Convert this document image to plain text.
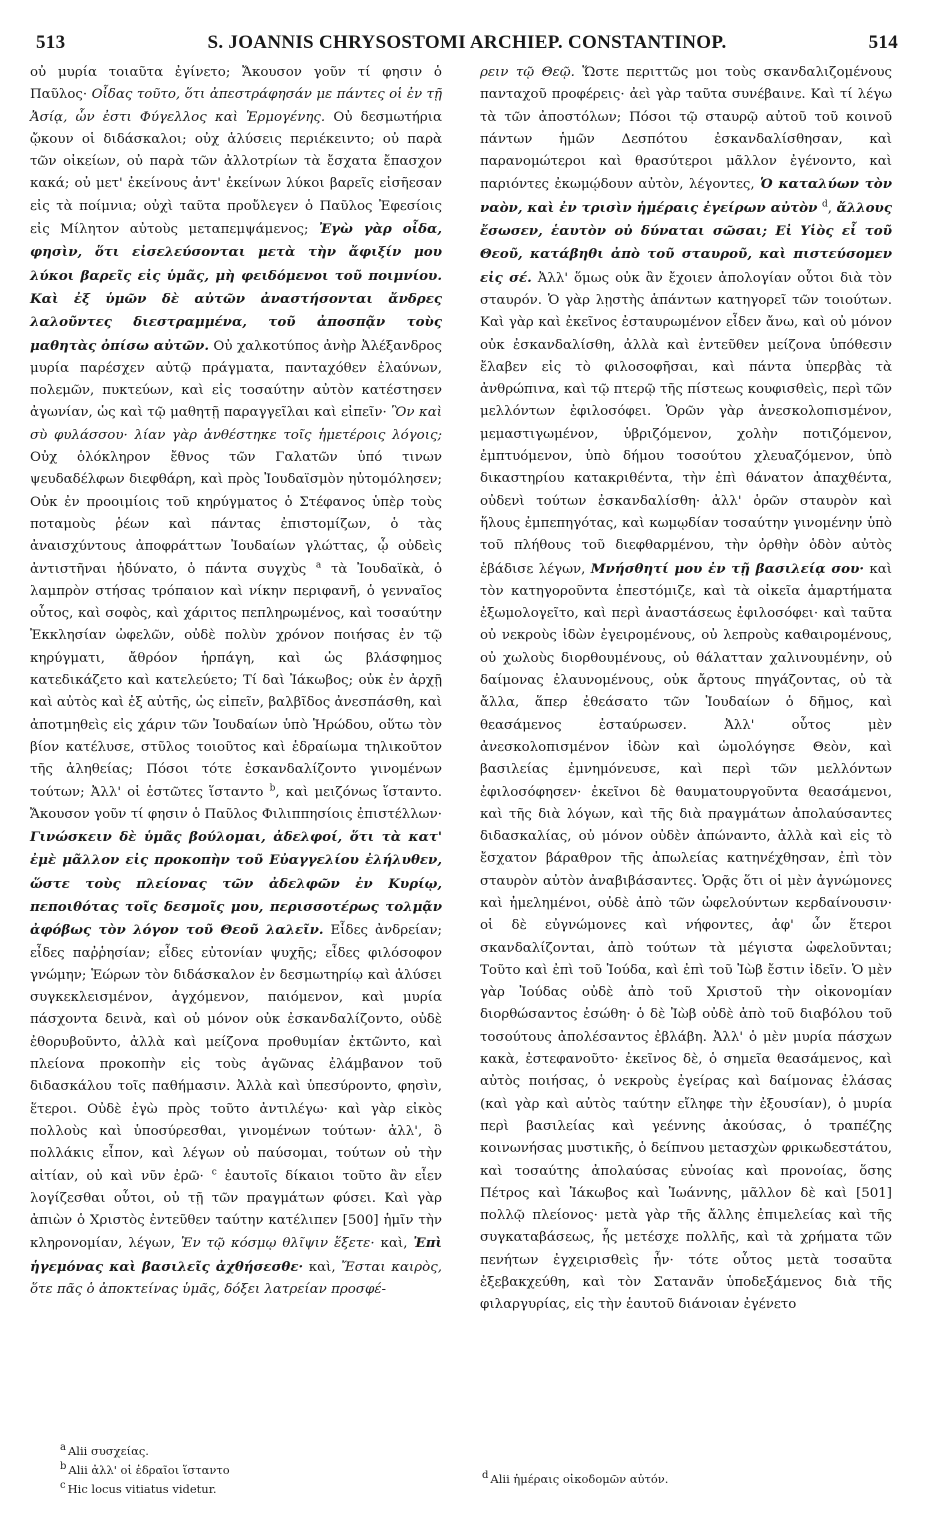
513	S. JOANNIS CHRYSOSTOMI ARCHIEP. CONSTANTINOP.	514

οὐ μυρία τοιαῦτα ἐγίνετο; Ἄκουσον γοῦν τί φησιν ὁ Παῦλος· Οἶδας τοῦτο, ὅτι ἀπεστράφησάν με πάντες οἱ ἐν τῇ Ἀσίᾳ, ὧν ἐστι Φύγελλος καὶ Ἑρμογένης. Οὐ δεσμωτήρια ᾤκουν οἱ διδάσκαλοι; οὐχ ἁλύσεις περιέκειντο; οὐ παρὰ τῶν οἰκείων, οὐ παρὰ τῶν ἀλλοτρίων τὰ ἔσχατα ἔπασχον κακά; οὐ μετ' ἐκείνους ἀντ' ἐκείνων λύκοι βαρεῖς εἰσῆεσαν εἰς τὰ ποίμνια; οὐχὶ ταῦτα προὔλεγεν ὁ Παῦλος Ἐφεσίοις εἰς Μίλητον αὐτοὺς μεταπεμψάμενος; Ἐγὼ γὰρ οἶδα, φησὶν, ὅτι εἰσελεύσονται μετὰ τὴν ἄφιξίν μου λύκοι βαρεῖς εἰς ὑμᾶς, μὴ φειδόμενοι τοῦ ποιμνίου. Καὶ ἐξ ὑμῶν δὲ αὐτῶν ἀναστήσονται ἄνδρες λαλοῦντες διεστραμμένα, τοῦ ἀποσπᾷν τοὺς μαθητὰς ὀπίσω αὐτῶν. Οὐ χαλκοτύπος ἀνὴρ Ἀλέξανδρος μυρία παρέσχεν αὐτῷ πράγματα, πανταχόθεν ἐλαύνων, πολεμῶν, πυκτεύων, καὶ εἰς τοσαύτην αὐτὸν κατέστησεν ἀγωνίαν, ὡς καὶ τῷ μαθητῇ παραγγεῖλαι καὶ εἰπεῖν· Ὃν καὶ σὺ φυλάσσου· λίαν γὰρ ἀνθέστηκε τοῖς ἡμετέροις λόγοις; Οὐχ ὁλόκληρον ἔθνος τῶν Γαλατῶν ὑπό τινων ψευδαδέλφων διεφθάρη, καὶ πρὸς Ἰουδαϊσμὸν ηὐτομόλησεν; Οὐκ ἐν προοιμίοις τοῦ κηρύγματος ὁ Στέφανος ὑπὲρ τοὺς ποταμοὺς ῥέων καὶ πάντας ἐπιστομίζων, ὁ τὰς ἀναισχύντους ἀποφράττων Ἰουδαίων γλώττας, ᾧ οὐδεὶς ἀντιστῆναι ἠδύνατο, ὁ πάντα συγχὺς $^a$ τὰ Ἰουδαϊκὰ, ὁ λαμπρὸν στήσας τρόπαιον καὶ νίκην περιφανῆ, ὁ γενναῖος οὗτος, καὶ σοφὸς, καὶ χάριτος πεπληρωμένος, καὶ τοσαύτην Ἐκκλησίαν ὠφελῶν, οὐδὲ πολὺν χρόνον ποιήσας ἐν τῷ κηρύγματι, ἄθρόον ἡρπάγη, καὶ ὡς βλάσφημος κατεδικάζετο καὶ κατελεύετο; Τί δαὶ Ἰάκωβος; οὐκ ἐν ἀρχῇ καὶ αὐτὸς καὶ ἐξ αὐτῆς, ὡς εἰπεῖν, βαλβῖδος ἀνεσπάσθη, καὶ ἀποτμηθεὶς εἰς χάριν τῶν Ἰουδαίων ὑπὸ Ἡρώδου, οὕτω τὸν βίον κατέλυσε, στῦλος τοιοῦτος καὶ ἑδραίωμα τηλικοῦτον τῆς ἀληθείας; Πόσοι τότε ἐσκανδαλίζοντο γινομένων τούτων; Ἀλλ' οἱ ἑστῶτες ἵσταντο $^b$, καὶ μειζόνως ἵσταντο. Ἄκουσον γοῦν τί φησιν ὁ Παῦλος Φιλιππησίοις ἐπιστέλλων· Γινώσκειν δὲ ὑμᾶς βούλομαι, ἀδελφοί, ὅτι τὰ κατ' ἐμὲ μᾶλλον εἰς προκοπὴν τοῦ Εὐαγγελίου ἐλήλυθεν, ὥστε τοὺς πλείονας τῶν ἀδελφῶν ἐν Κυρίῳ, πεποιθότας τοῖς δεσμοῖς μου, περισσοτέρως τολμᾷν ἀφόβως τὸν λόγον τοῦ Θεοῦ λαλεῖν. Εἶδες ἀνδρείαν; εἶδες παῤῥησίαν; εἶδες εὐτονίαν ψυχῆς; εἶδες φιλόσοφον γνώμην; Ἑώρων τὸν διδάσκαλον ἐν δεσμωτηρίῳ καὶ ἁλύσει συγκεκλεισμένον, ἀγχόμενον, παιόμενον, καὶ μυρία πάσχοντα δεινὰ, καὶ οὐ μόνον οὐκ ἐσκανδαλίζοντο, οὐδὲ ἐθορυβοῦντο, ἀλλὰ καὶ μείζονα προθυμίαν ἐκτῶντο, καὶ πλείονα προκοπὴν εἰς τοὺς ἀγῶνας ἐλάμβανον τοῦ διδασκάλου τοῖς παθήμασιν. Ἀλλὰ καὶ ὑπεσύροντο, φησὶν, ἕτεροι. Οὐδὲ ἐγὼ πρὸς τοῦτο ἀντιλέγω· καὶ γὰρ εἰκὸς πολλοὺς καὶ ὑποσύρεσθαι, γινομένων τούτων· ἀλλ', ὃ πολλάκις εἶπον, καὶ λέγων οὐ παύσομαι, τούτων οὐ τὴν αἰτίαν, οὐ καὶ νῦν ἐρῶ· $^c$ ἑαυτοῖς δίκαιοι τοῦτο ἂν εἶεν λογίζεσθαι οὗτοι, οὐ τῇ τῶν πραγμάτων φύσει. Καὶ γὰρ ἀπιὼν ὁ Χριστὸς ἐντεῦθεν ταύτην κατέλιπεν [500] ἡμῖν τὴν κληρονομίαν, λέγων, Ἐν τῷ κόσμῳ θλῖψιν ἕξετε· καὶ, Ἐπὶ ἡγεμόνας καὶ βασιλεῖς ἀχθήσεσθε· καὶ, Ἔσται καιρὸς, ὅτε πᾶς ὁ ἀποκτείνας ὑμᾶς, δόξει λατρείαν προσφέ-

ρειν τῷ Θεῷ. Ὥστε περιττῶς μοι τοὺς σκανδαλιζομένους πανταχοῦ προφέρεις· ἀεὶ γὰρ ταῦτα συνέβαινε. Καὶ τί λέγω τὰ τῶν ἀποστόλων; Πόσοι τῷ σταυρῷ αὐτοῦ τοῦ κοινοῦ πάντων ἡμῶν Δεσπότου ἐσκανδαλίσθησαν, καὶ παρανομώτεροι καὶ θρασύτεροι μᾶλλον ἐγένοντο, καὶ παριόντες ἐκωμῴδουν αὐτὸν, λέγοντες, Ὁ καταλύων τὸν ναὸν, καὶ ἐν τρισὶν ἡμέραις ἐγείρων αὐτὸν $^d$, ἄλλους ἔσωσεν, ἑαυτὸν οὐ δύναται σῶσαι; Εἰ Υἱὸς εἶ τοῦ Θεοῦ, κατάβηθι ἀπὸ τοῦ σταυροῦ, καὶ πιστεύσομεν εἰς σέ. Ἀλλ' ὅμως οὐκ ἂν ἔχοιεν ἀπολογίαν οὗτοι διὰ τὸν σταυρόν. Ὁ γὰρ λῃστὴς ἁπάντων κατηγορεῖ τῶν τοιούτων. Καὶ γὰρ καὶ ἐκεῖνος ἐσταυρωμένον εἶδεν ἄνω, καὶ οὐ μόνον οὐκ ἐσκανδαλίσθη, ἀλλὰ καὶ ἐντεῦθεν μείζονα ὑπόθεσιν ἔλαβεν εἰς τὸ φιλοσοφῆσαι, καὶ πάντα ὑπερβὰς τὰ ἀνθρώπινα, καὶ τῷ πτερῷ τῆς πίστεως κουφισθεὶς, περὶ τῶν μελλόντων ἐφιλοσόφει. Ὁρῶν γὰρ ἀνεσκολοπισμένον, μεμαστιγωμένον, ὑβριζόμενον, χολὴν ποτιζόμενον, ἐμπτυόμενον, ὑπὸ δήμου τοσούτου χλευαζόμενον, ὑπὸ δικαστηρίου κατακριθέντα, τὴν ἐπὶ θάνατον ἀπαχθέντα, οὐδενὶ τούτων ἐσκανδαλίσθη· ἀλλ' ὁρῶν σταυρὸν καὶ ἥλους ἐμπεπηγότας, καὶ κωμῳδίαν τοσαύτην γινομένην ὑπὸ τοῦ πλήθους τοῦ διεφθαρμένου, τὴν ὀρθὴν ὁδὸν αὐτὸς ἐβάδισε λέγων, Μνήσθητί μου ἐν τῇ βασιλείᾳ σου· καὶ τὸν κατηγοροῦντα ἐπεστόμιζε, καὶ τὰ οἰκεῖα ἁμαρτήματα ἐξωμολογεῖτο, καὶ περὶ ἀναστάσεως ἐφιλοσόφει· καὶ ταῦτα οὐ νεκροὺς ἰδὼν ἐγειρομένους, οὐ λεπροὺς καθαιρομένους, οὐ χωλοὺς διορθουμένους, οὐ θάλατταν χαλινουμένην, οὐ δαίμονας ἐλαυνομένους, οὐκ ἄρτους πηγάζοντας, οὐ τὰ ἄλλα, ἅπερ ἐθεάσατο τῶν Ἰουδαίων ὁ δῆμος, καὶ θεασάμενος ἐσταύρωσεν. Ἀλλ' οὗτος μὲν ἀνεσκολοπισμένον ἰδὼν καὶ ὡμολόγησε Θεὸν, καὶ βασιλείας ἐμνημόνευσε, καὶ περὶ τῶν μελλόντων ἐφιλοσόφησεν· ἐκεῖνοι δὲ θαυματουργοῦντα θεασάμενοι, καὶ τῆς διὰ λόγων, καὶ τῆς διὰ πραγμάτων ἀπολαύσαντες διδασκαλίας, οὐ μόνον οὐδὲν ἀπώναντο, ἀλλὰ καὶ εἰς τὸ ἔσχατον βάραθρον τῆς ἀπωλείας κατηνέχθησαν, ἐπὶ τὸν σταυρὸν αὐτὸν ἀναβιβάσαντες. Ὁρᾷς ὅτι οἱ μὲν ἀγνώμονες καὶ ἠμελημένοι, οὐδὲ ἀπὸ τῶν ὠφελούντων κερδαίνουσιν· οἱ δὲ εὐγνώμονες καὶ νήφοντες, ἀφ' ὧν ἕτεροι σκανδαλίζονται, ἀπὸ τούτων τὰ μέγιστα ὠφελοῦνται; Τοῦτο καὶ ἐπὶ τοῦ Ἰούδα, καὶ ἐπὶ τοῦ Ἰὼβ ἔστιν ἰδεῖν. Ὁ μὲν γὰρ Ἰούδας οὐδὲ ἀπὸ τοῦ Χριστοῦ τὴν οἰκονομίαν διορθώσαντος ἐσώθη· ὁ δὲ Ἰὼβ οὐδὲ ἀπὸ τοῦ διαβόλου τοῦ τοσούτους ἀπολέσαντος ἐβλάβη. Ἀλλ' ὁ μὲν μυρία πάσχων κακὰ, ἐστεφανοῦτο· ἐκεῖνος δὲ, ὁ σημεῖα θεασάμενος, καὶ αὐτὸς ποιήσας, ὁ νεκροὺς ἐγείρας καὶ δαίμονας ἐλάσας (καὶ γὰρ καὶ αὐτὸς ταύτην εἴληφε τὴν ἐξουσίαν), ὁ μυρία περὶ βασιλείας καὶ γεέννης ἀκούσας, ὁ τραπέζης κοινωνήσας μυστικῆς, ὁ δείπνου μετασχὼν φρικωδεστάτου, καὶ τοσαύτης ἀπολαύσας εὐνοίας καὶ προνοίας, ὅσης Πέτρος καὶ Ἰάκωβος καὶ Ἰωάννης, μᾶλλον δὲ καὶ [501] πολλῷ πλείονος· μετὰ γὰρ τῆς ἄλλης ἐπιμελείας καὶ τῆς συγκαταβάσεως, ἧς μετέσχε πολλῆς, καὶ τὰ χρήματα τῶν πενήτων ἐγχειρισθεὶς ἦν· τότε οὗτος μετὰ τοσαῦτα ἐξεβακχεύθη, καὶ τὸν Σατανᾶν ὑποδεξάμενος διὰ τῆς φιλαργυρίας, εἰς τὴν ἑαυτοῦ διάνοιαν ἐγένετο

a Alii συσχείας.
b Alii ἀλλ' οἱ ἑδραῖοι ἵσταντο
c Hic locus vitiatus videtur.
d Alii ἡμέραις οἰκοδομῶν αὐτόν.
